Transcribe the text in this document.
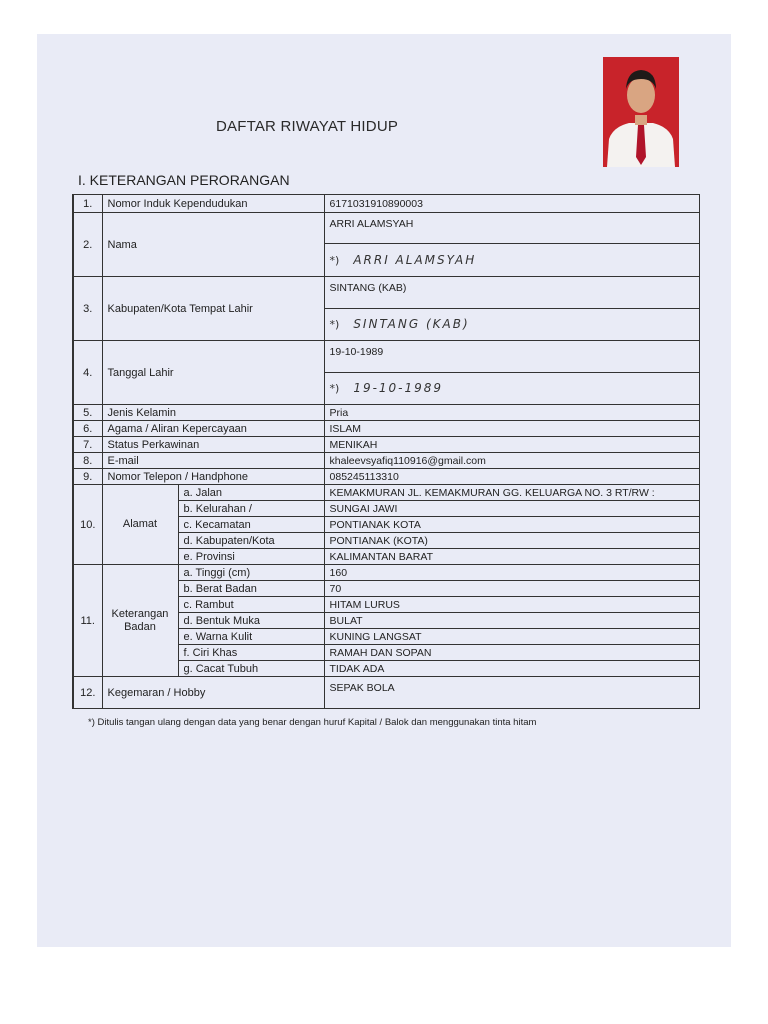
DAFTAR RIWAYAT HIDUP
I. KETERANGAN PERORANGAN
1.	Nomor Induk Kependudukan		6171031910890003
2.	Nama		ARRI ALAMSYAH
			*) ARRI ALAMSYAH
3.	Kabupaten/Kota Tempat Lahir		SINTANG (KAB)
			*) SINTANG (KAB)
4.	Tanggal Lahir		19-10-1989
			*) 19-10-1989
5.	Jenis Kelamin		Pria
6.	Agama / Aliran Kepercayaan		ISLAM
7.	Status Perkawinan		MENIKAH
8.	E-mail		khaleevsyafiq110916@gmail.com
9.	Nomor Telepon / Handphone		085245113310
10.	Alamat	a. Jalan	KEMAKMURAN JL. KEMAKMURAN GG. KELUARGA NO. 3 RT/RW :
		b. Kelurahan /	SUNGAI JAWI
		c. Kecamatan	PONTIANAK KOTA
		d. Kabupaten/Kota	PONTIANAK (KOTA)
		e. Provinsi	KALIMANTAN BARAT
11.	Keterangan Badan	a. Tinggi (cm)	160
		b. Berat Badan	70
		c. Rambut	HITAM LURUS
		d. Bentuk Muka	BULAT
		e. Warna Kulit	KUNING LANGSAT
		f. Ciri Khas	RAMAH DAN SOPAN
		g. Cacat Tubuh	TIDAK ADA
12.	Kegemaran / Hobby		SEPAK BOLA
*) Ditulis tangan ulang dengan data yang benar dengan huruf Kapital / Balok dan menggunakan tinta hitam
